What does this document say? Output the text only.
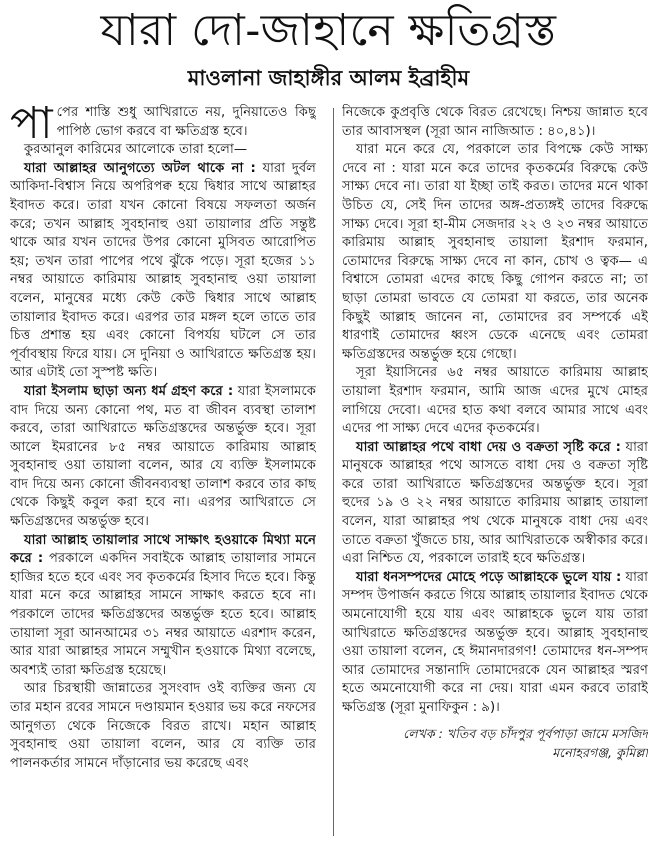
যারা দো-জাহানে ক্ষতিগ্রস্ত
মাওলানা জাহাঙ্গীর আলম ইব্রাহীম

পাপের শাস্তি শুধু আখিরাতে নয়, দুনিয়াতেও কিছু পাপিষ্ঠ ভোগ করবে বা ক্ষতিগ্রস্ত হবে।

কুরআনুল কারিমের আলোকে তারা হলো—

যারা আল্লাহর আনুগত্যে অটল থাকে না : যারা দুর্বল আকিদা-বিশ্বাস নিয়ে অপরিপক্ব হয়ে দ্বিধার সাথে আল্লাহর ইবাদত করে। তারা যখন কোনো বিষয়ে সফলতা অর্জন করে; তখন আল্লাহ সুবহানাহু ওয়া তায়ালার প্রতি সন্তুষ্ট থাকে আর যখন তাদের উপর কোনো মুসিবত আরোপিত হয়; তখন তারা পাপের পথে ঝুঁকে পড়ে। সূরা হজের ১১ নম্বর আয়াতে কারিমায় আল্লাহ সুবহানাহু ওয়া তায়ালা বলেন, মানুষের মধ্যে কেউ কেউ দ্বিধার সাথে আল্লাহ তায়ালার ইবাদত করে। এরপর তার মঙ্গল হলে তাতে তার চিত্ত প্রশান্ত হয় এবং কোনো বিপর্যয় ঘটলে সে তার পূর্বাবস্থায় ফিরে যায়। সে দুনিয়া ও আখিরাতে ক্ষতিগ্রস্ত হয়। আর এটাই তো সুস্পষ্ট ক্ষতি।

যারা ইসলাম ছাড়া অন্য ধর্ম গ্রহণ করে : যারা ইসলামকে বাদ দিয়ে অন্য কোনো পথ, মত বা জীবন ব্যবস্থা তালাশ করবে, তারা আখিরাতে ক্ষতিগ্রস্তদের অন্তর্ভুক্ত হবে। সূরা আলে ইমরানের ৮৫ নম্বর আয়াতে কারিমায় আল্লাহ সুবহানাহু ওয়া তায়ালা বলেন, আর যে ব্যক্তি ইসলামকে বাদ দিয়ে অন্য কোনো জীবনব্যবস্থা তালাশ করবে তার কাছ থেকে কিছুই কবুল করা হবে না। এরপর আখিরাতে সে ক্ষতিগ্রস্তদের অন্তর্ভুক্ত হবে।

যারা আল্লাহ তায়ালার সাথে সাক্ষাৎ হওয়াকে মিথ্যা মনে করে : পরকালে একদিন সবাইকে আল্লাহ তায়ালার সামনে হাজির হতে হবে এবং সব কৃতকর্মের হিসাব দিতে হবে। কিন্তু যারা মনে করে আল্লাহর সামনে সাক্ষাৎ করতে হবে না। পরকালে তাদের ক্ষতিগ্রস্তদের অন্তর্ভুক্ত হতে হবে। আল্লাহ তায়ালা সূরা আনআমের ৩১ নম্বর আয়াতে এরশাদ করেন, আর যারা আল্লাহর সামনে সম্মুখীন হওয়াকে মিথ্যা বলেছে, অবশ্যই তারা ক্ষতিগ্রস্ত হয়েছে।

আর চিরস্থায়ী জান্নাতের সুসংবাদ ওই ব্যক্তির জন্য যে তার মহান রবের সামনে দণ্ডায়মান হওয়ার ভয় করে নফসের আনুগত্য থেকে নিজেকে বিরত রাখে। মহান আল্লাহ সুবহানাহু ওয়া তায়ালা বলেন, আর যে ব্যক্তি তার পালনকর্তার সামনে দাঁড়ানোর ভয় করেছে এবং

নিজেকে কুপ্রবৃত্তি থেকে বিরত রেখেছে। নিশ্চয় জান্নাত হবে তার আবাসস্থল (সূরা আন নাজিআত : ৪০,৪১)।

যারা মনে করে যে, পরকালে তার বিপক্ষে কেউ সাক্ষ্য দেবে না : যারা মনে করে তাদের কৃতকর্মের বিরুদ্ধে কেউ সাক্ষ্য দেবে না। তারা যা ইচ্ছা তাই করত। তাদের মনে থাকা উচিত যে, সেই দিন তাদের অঙ্গ-প্রত্যঙ্গই তাদের বিরুদ্ধে সাক্ষ্য দেবে। সূরা হা-মীম সেজদার ২২ ও ২৩ নম্বর আয়াতে কারিমায় আল্লাহ সুবহানাহু তায়ালা ইরশাদ ফরমান, তোমাদের বিরুদ্ধে সাক্ষ্য দেবে না কান, চোখ ও ত্বক— এ বিশ্বাসে তোমরা এদের কাছে কিছু গোপন করতে না; তা ছাড়া তোমরা ভাবতে যে তোমরা যা করতে, তার অনেক কিছুই আল্লাহ জানেন না, তোমাদের রব সম্পর্কে এই ধারণাই তোমাদের ধ্বংস ডেকে এনেছে এবং তোমরা ক্ষতিগ্রস্তদের অন্তর্ভুক্ত হয়ে গেছো।

সূরা ইয়াসিনের ৬৫ নম্বর আয়াতে কারিমায় আল্লাহ তায়ালা ইরশাদ ফরমান, আমি আজ এদের মুখে মোহর লাগিয়ে দেবো। এদের হাত কথা বলবে আমার সাথে এবং এদের পা সাক্ষ্য দেবে এদের কৃতকর্মের।

যারা আল্লাহর পথে বাধা দেয় ও বক্রতা সৃষ্টি করে : যারা মানুষকে আল্লাহর পথে আসতে বাধা দেয় ও বক্রতা সৃষ্টি করে তারা আখিরাতে ক্ষতিগ্রস্তদের অন্তর্ভুক্ত হবে। সূরা হুদের ১৯ ও ২২ নম্বর আয়াতে কারিমায় আল্লাহ তায়ালা বলেন, যারা আল্লাহর পথ থেকে মানুষকে বাধা দেয় এবং তাতে বক্রতা খুঁজতে চায়, আর আখিরাতকে অস্বীকার করে। এরা নিশ্চিত যে, পরকালে তারাই হবে ক্ষতিগ্রস্ত।

যারা ধনসম্পদের মোহে পড়ে আল্লাহকে ভুলে যায় : যারা সম্পদ উপার্জন করতে গিয়ে আল্লাহ তায়ালার ইবাদত থেকে অমনোযোগী হয়ে যায় এবং আল্লাহকে ভুলে যায় তারা আখিরাতে ক্ষতিগ্রস্তদের অন্তর্ভুক্ত হবে। আল্লাহ সুবহানাহু ওয়া তায়ালা বলেন, হে ঈমানদারগণ! তোমাদের ধন-সম্পদ আর তোমাদের সন্তানাদি তোমাদেরকে যেন আল্লাহর স্মরণ হতে অমনোযোগী করে না দেয়। যারা এমন করবে তারাই ক্ষতিগ্রস্ত (সূরা মুনাফিকুন : ৯)।

লেখক : খতিব বড় চাঁদপুর পূর্বপাড়া জামে মসজিদ
মনোহরগঞ্জ, কুমিল্লা
